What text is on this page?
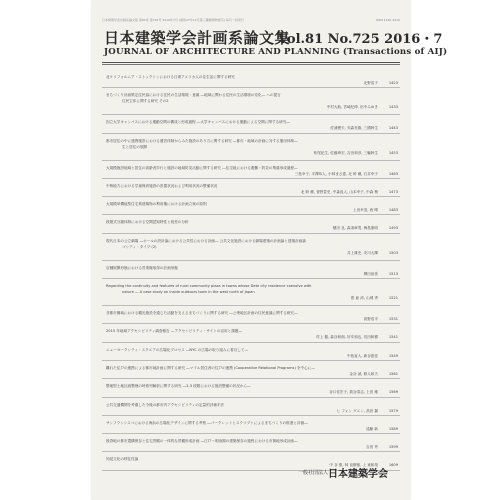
日本建築学会計画系論文集 第81巻 第725号 2016年7月 (昭和27年12月第三種郵便物認可) 毎月一回発行	ISSN 1340-4210
日本建築学会計画系論文集
Vol.81 No.725 2016・7
JOURNAL OF ARCHITECTURE AND PLANNING (Transactions of AIJ)
北ケリフォルニア・ストックトンにおける日系アメリカ人の住生活に関する研究
北野浩子	1423
まちづくり計画策定住民協における住民の生活環境・意識 ―地域に関わる住民の生活環境の変化― への提言
住民主体に関する研究 その2
中村大助, 宮崎紀伸, 田中みゆき	1433
因立大学キャンパスにおける運動空間の構成と形成過程 ―大学キャンパスにおける運動による空間に関する研究―
佐浦俊夫, 安森亮雄, 三國幹生	1443
都市居住の中に連携施設における運営体制からみた施設のあり方に関する研究 ―都市・地域の計画に対する運用体制―
生と居住の展開
松尾紀生, 佐藤章宏, 吉田和彦, 三輪幹生	1453
大規模施設地域と居住の高齢者歩行と施設の地域防災活動に関する研究 ―住宅地における避難・防災の集落形成過程―
三島幸子, 平澤恭人, 小林まさ恵, 北 幹 蔵, 石井幸子	1463
中核地方における学童保育施設の設置状況および利用状況の整備状況
北 幹 蔵, 菅野豊史, 中森直人, 山本幸子, 中森 梢	1473
大規模単機能型住宅系建築物の利用権における計画立案の原則
上田幸造, 西 晴	1483
段階式分割体制における空間認知特性と段差の分析
穂田 良, 森須章男, 梅島康明	1493
現代日本の公立劇場 ―ホールの設計論における公共性における計画― 公共文化施設における劇場建築の計画論と建築計画論
ゴシティ・タイプ (2)
井上雄史, 安川大輝	1503
店舗展開形態における営業権取得の計画形態
柳田治喜	1513
Regarding the continuity and features of rural community plaza in towns whose Dete city residence coevolve with
nature — A case study on inside outdoors town in the west north of Japan
張 亜 沛, 山城 秀	1521
非都市圏域における観光施設を通じた活動を支えるまちづくりに関する研究 ―公衆地区計画の住民意識に関する研究―
高野浩平	1531
2015 年地域アクセシビリティ調査報告 ―アクセシビリティ・サイトの活用と課題―
村上 徹, 森谷和朗, 好安和也, 長田和樹	1541
ニューヨークシティ・スクエアの広場化プロセス ―NYC の広場の取り組みに着目して―
中島直人, 新谷恵佳	1549
離れた住戸の連携による都市地計画に関する研究 ―マイル居住者の住戸の連携 (Cooperative Relational Programs) を中心に―
金谷 誠, 修人和天	1561
整地型土地区画整理の時系列解析に関する研究 ―2-3 段階における施設整備の状況から―
谷口佳宏子, 我谷清志, 上田 雅	1569
公共交通機関を考慮した今後の都市内アクセシビリティの定量的評価手法
ヒ フォン グエン, 高田 翼	1579
サンフランシスコにおける海浜の広場化デザインに関する考察 ―パークレットとスクリプトによるまちづくりの推進と評価―
遠藤 新	1589
後背地の都市遺構保存と住宅景観の一体的な景観形成計画 ―江戸〜明治期の建築保存の過程における市街地形成計画―
吉田 考	1599
知覚文化の移住性論
中 谷 康, 林 直樹郁, 上 東和哉	1609
一般社団法人 日本建築学会
